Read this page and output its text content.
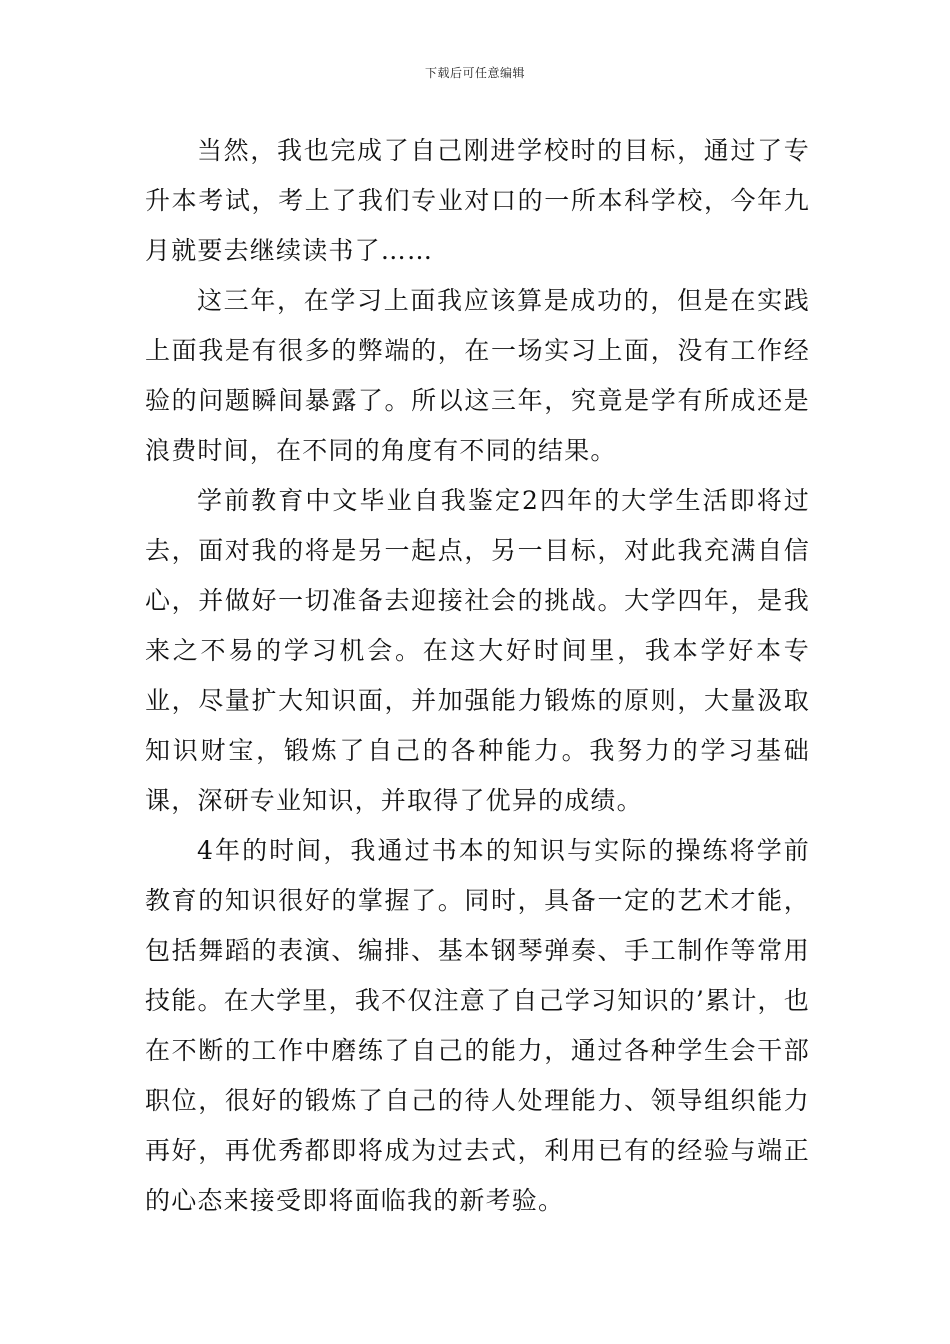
下载后可任意编辑

当然，我也完成了自己刚进学校时的目标，通过了专升本考试，考上了我们专业对口的一所本科学校，今年九月就要去继续读书了……

这三年，在学习上面我应该算是成功的，但是在实践上面我是有很多的弊端的，在一场实习上面，没有工作经验的问题瞬间暴露了。所以这三年，究竟是学有所成还是浪费时间，在不同的角度有不同的结果。

学前教育中文毕业自我鉴定2四年的大学生活即将过去，面对我的将是另一起点，另一目标，对此我充满自信心，并做好一切准备去迎接社会的挑战。大学四年，是我来之不易的学习机会。在这大好时间里，我本学好本专业，尽量扩大知识面，并加强能力锻炼的原则，大量汲取知识财宝，锻炼了自己的各种能力。我努力的学习基础课，深研专业知识，并取得了优异的成绩。

4年的时间，我通过书本的知识与实际的操练将学前教育的知识很好的掌握了。同时，具备一定的艺术才能，包括舞蹈的表演、编排、基本钢琴弹奏、手工制作等常用技能。在大学里，我不仅注意了自己学习知识的’累计，也在不断的工作中磨练了自己的能力，通过各种学生会干部职位，很好的锻炼了自己的待人处理能力、领导组织能力再好，再优秀都即将成为过去式，利用已有的经验与端正的心态来接受即将面临我的新考验。
